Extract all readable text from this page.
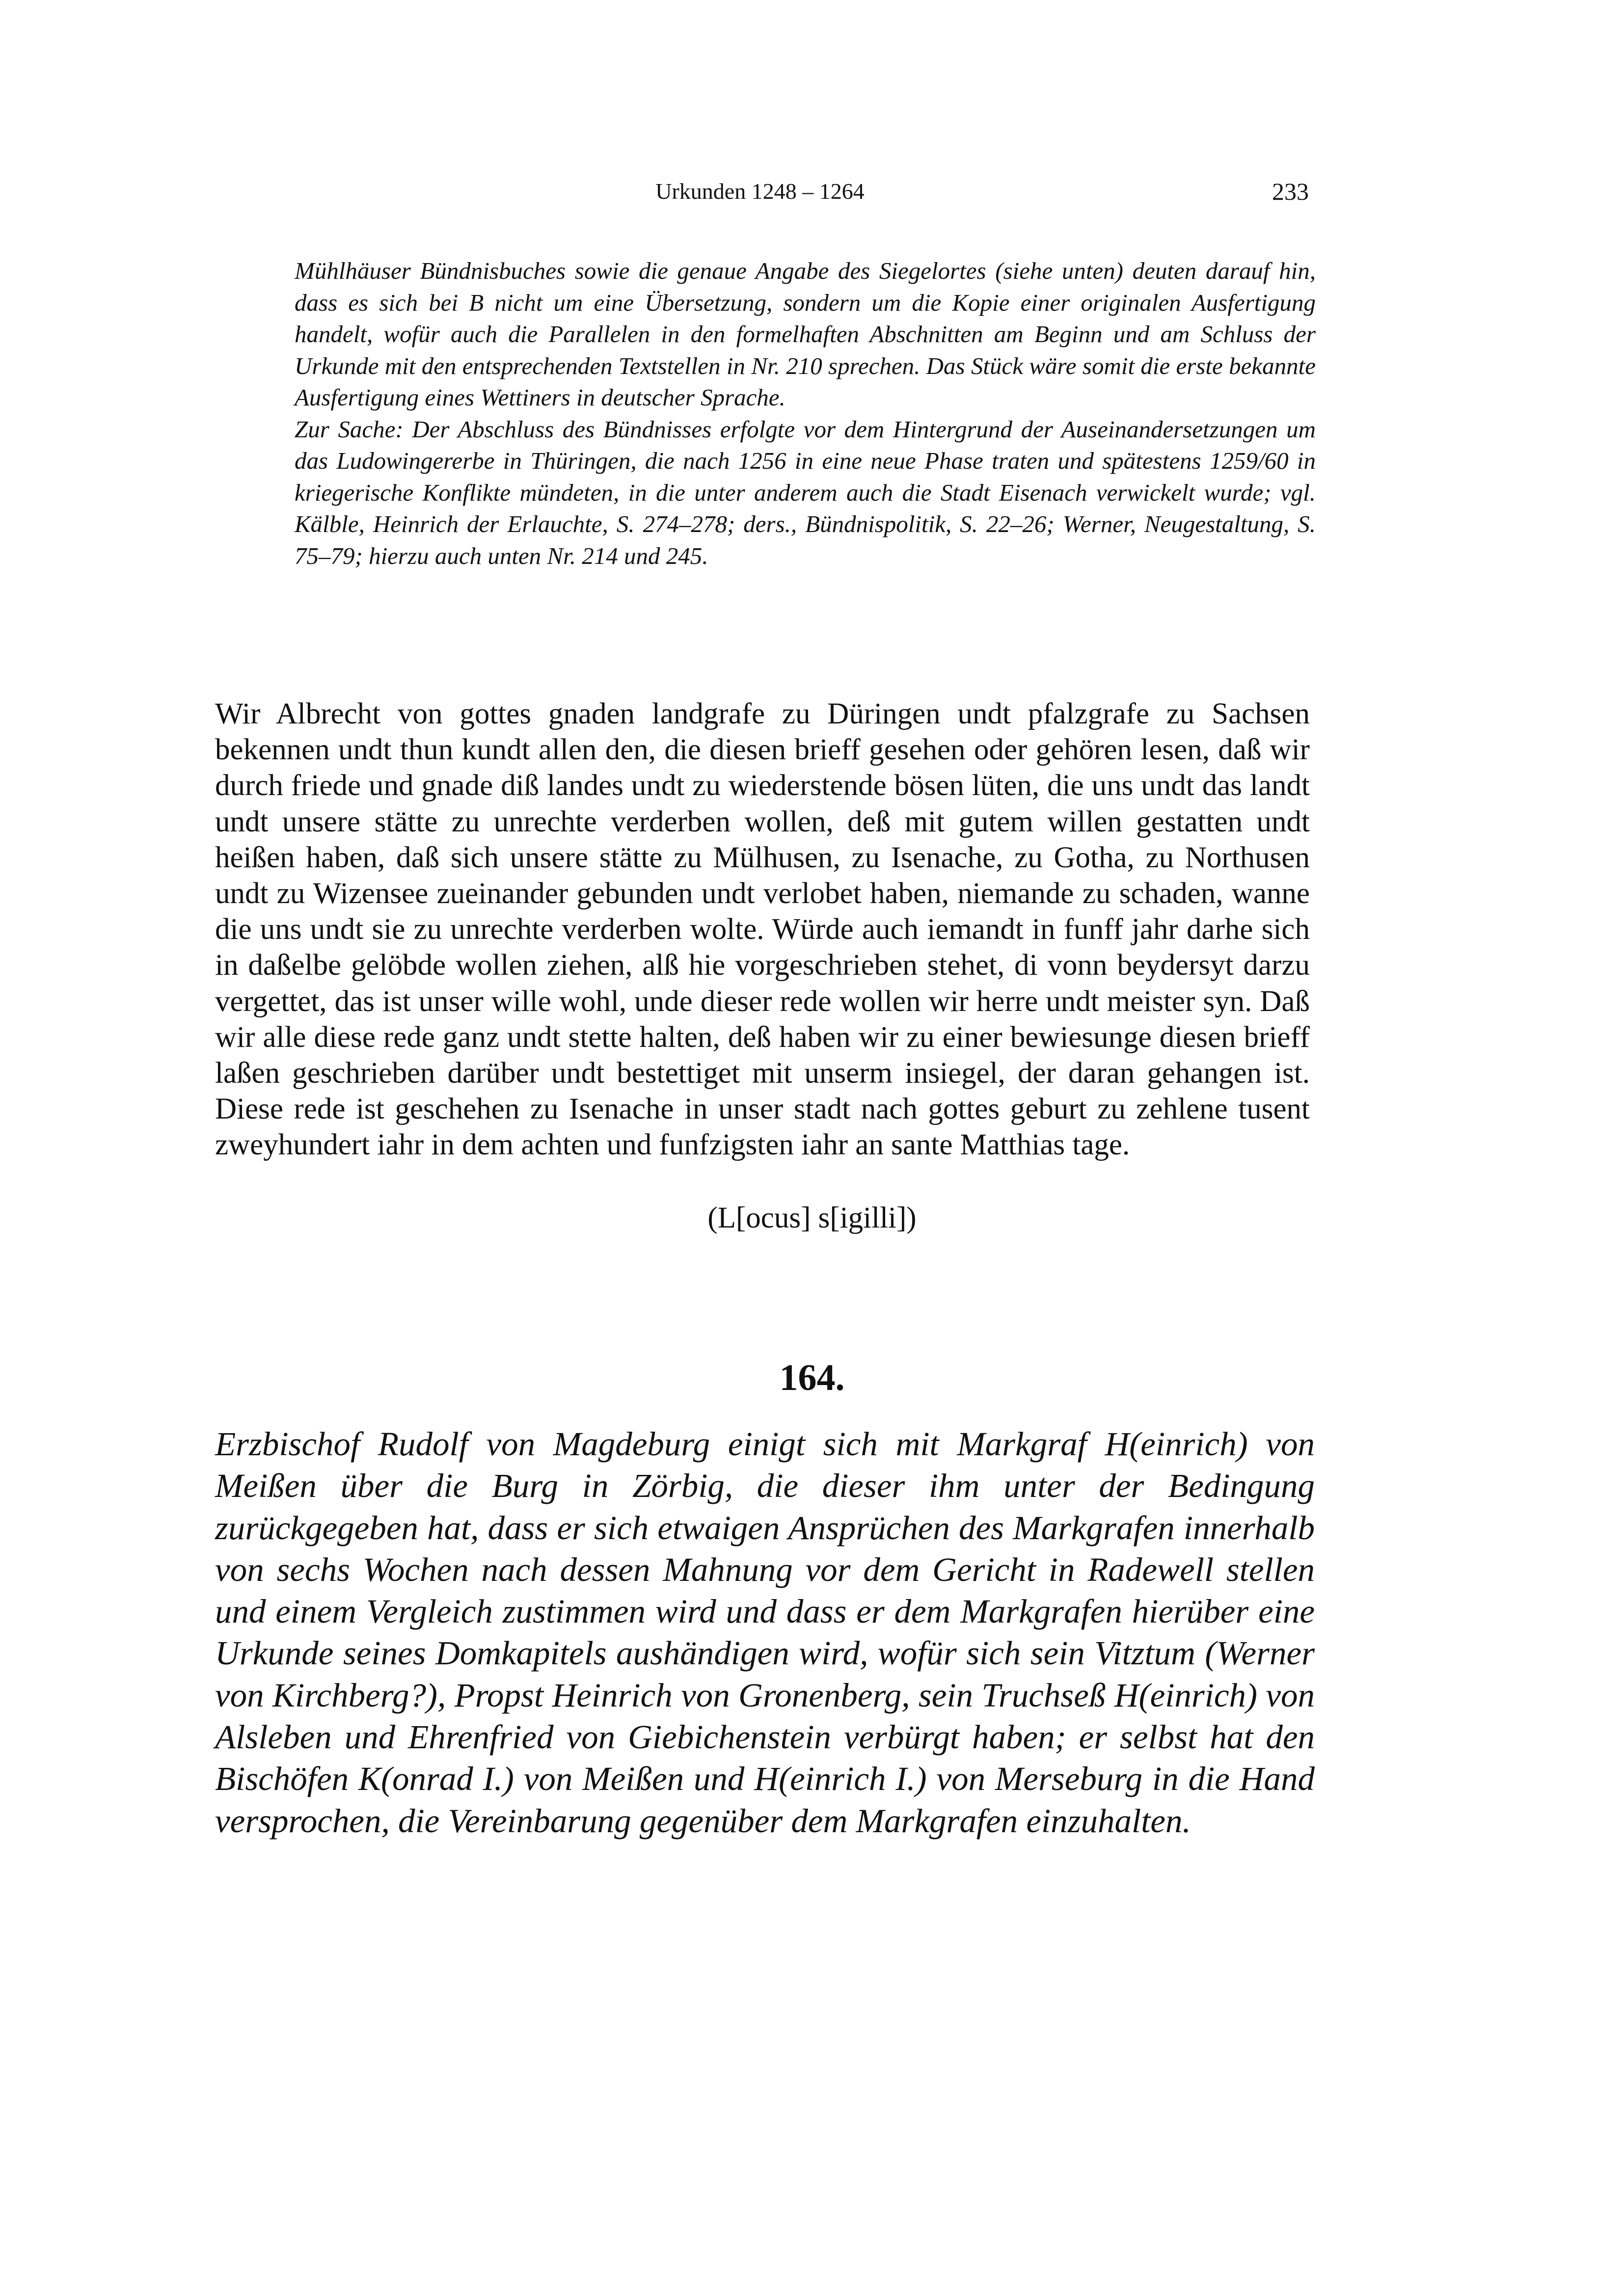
Urkunden 1248 – 1264	233

Mühlhäuser Bündnisbuches sowie die genaue Angabe des Siegelortes (siehe unten) deuten darauf hin, dass es sich bei B nicht um eine Übersetzung, sondern um die Kopie einer originalen Ausfertigung handelt, wofür auch die Parallelen in den formelhaften Abschnitten am Beginn und am Schluss der Urkunde mit den entsprechenden Textstellen in Nr. 210 sprechen. Das Stück wäre somit die erste bekannte Ausfertigung eines Wettiners in deutscher Sprache.

Zur Sache: Der Abschluss des Bündnisses erfolgte vor dem Hintergrund der Auseinandersetzungen um das Ludowingererbe in Thüringen, die nach 1256 in eine neue Phase traten und spätestens 1259/60 in kriegerische Konflikte mündeten, in die unter anderem auch die Stadt Eisenach verwickelt wurde; vgl. Kälble, Heinrich der Erlauchte, S. 274–278; ders., Bündnispolitik, S. 22–26; Werner, Neugestaltung, S. 75–79; hierzu auch unten Nr. 214 und 245.

Wir Albrecht von gottes gnaden landgrafe zu Düringen undt pfalzgrafe zu Sachsen bekennen undt thun kundt allen den, die diesen brieff gesehen oder gehören lesen, daß wir durch friede und gnade diß landes undt zu wiederstende bösen lüten, die uns undt das landt undt unsere stätte zu unrechte verderben wollen, deß mit gutem willen gestatten undt heißen haben, daß sich unsere stätte zu Mülhusen, zu Isenache, zu Gotha, zu Northusen undt zu Wizensee zueinander gebunden undt verlobet haben, niemande zu schaden, wanne die uns undt sie zu unrechte verderben wolte. Würde auch iemandt in funff jahr darhe sich in daßelbe gelöbde wollen ziehen, alß hie vorgeschrieben stehet, di vonn beydersyt darzu vergettet, das ist unser wille wohl, unde dieser rede wollen wir herre undt meister syn. Daß wir alle diese rede ganz undt stette halten, deß haben wir zu einer bewiesunge diesen brieff laßen geschrieben darüber undt bestettiget mit unserm insiegel, der daran gehangen ist. Diese rede ist geschehen zu Isenache in unser stadt nach gottes geburt zu zehlene tusent zweyhundert iahr in dem achten und funfzigsten iahr an sante Matthias tage.
(L[ocus] s[igilli])
164.
Erzbischof Rudolf von Magdeburg einigt sich mit Markgraf H(einrich) von Meißen über die Burg in Zörbig, die dieser ihm unter der Bedingung zurückgegeben hat, dass er sich etwaigen Ansprüchen des Markgrafen innerhalb von sechs Wochen nach dessen Mahnung vor dem Gericht in Radewell stellen und einem Vergleich zustimmen wird und dass er dem Markgrafen hierüber eine Urkunde seines Domkapitels aushändigen wird, wofür sich sein Vitztum (Werner von Kirchberg?), Propst Heinrich von Gronenberg, sein Truchseß H(einrich) von Alsleben und Ehrenfried von Giebichenstein verbürgt haben; er selbst hat den Bischöfen K(onrad I.) von Meißen und H(einrich I.) von Merseburg in die Hand versprochen, die Vereinbarung gegenüber dem Markgrafen einzuhalten.
